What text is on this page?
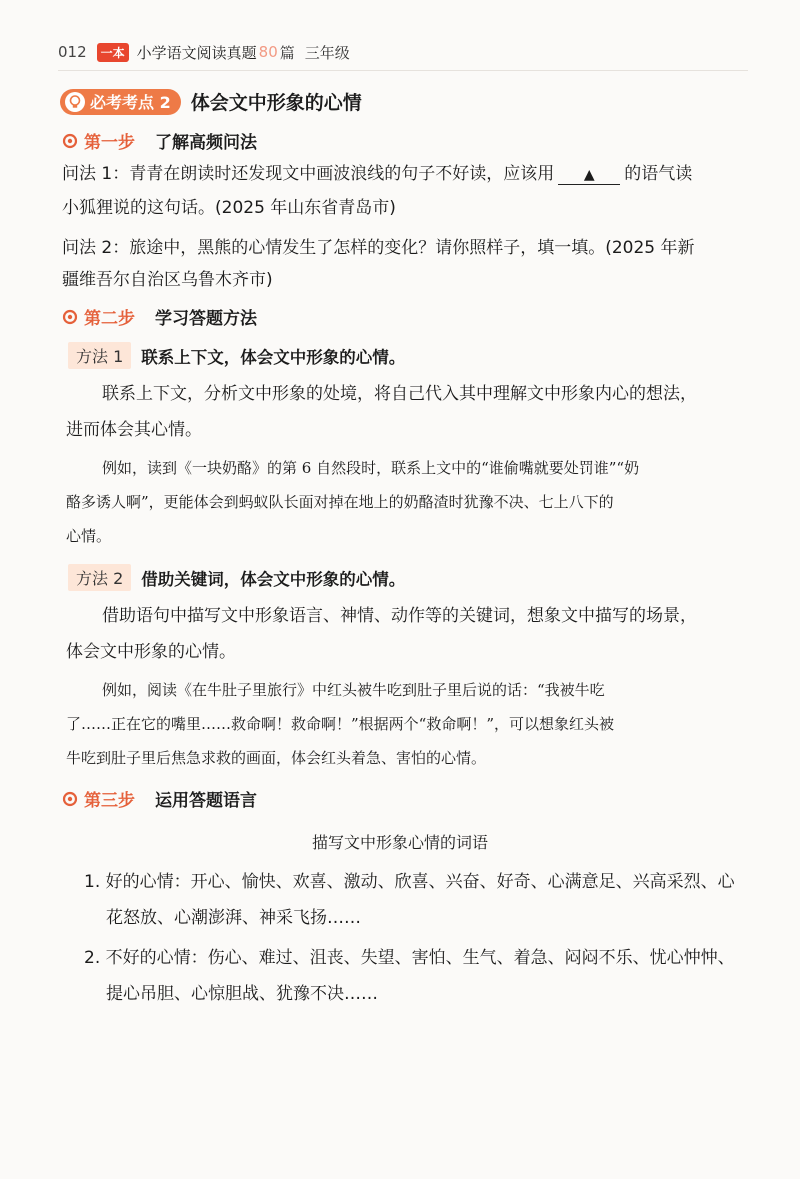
012	一本 小学语文阅读真题 80 篇 三年级
必考考点 2 体会文中形象的心情
第一步 了解高频问法
问法 1：青青在朗读时还发现文中画波浪线的句子不好读，应该用 ▲ 的语气读
小狐狸说的这句话。(2025 年山东省青岛市)
问法 2：旅途中，黑熊的心情发生了怎样的变化？请你照样子，填一填。(2025 年新
疆维吾尔自治区乌鲁木齐市)
第二步 学习答题方法
方法 1	联系上下文，体会文中形象的心情。
联系上下文，分析文中形象的处境，将自己代入其中理解文中形象内心的想法，
进而体会其心情。
例如，读到《一块奶酪》的第 6 自然段时，联系上文中的“谁偷嘴就要处罚谁”“奶
酪多诱人啊”，更能体会到蚂蚁队长面对掉在地上的奶酪渣时犹豫不决、七上八下的
心情。
方法 2	借助关键词，体会文中形象的心情。
借助语句中描写文中形象语言、神情、动作等的关键词，想象文中描写的场景，
体会文中形象的心情。
例如，阅读《在牛肚子里旅行》中红头被牛吃到肚子里后说的话：“我被牛吃
了……正在它的嘴里……救命啊！救命啊！”根据两个“救命啊！”，可以想象红头被
牛吃到肚子里后焦急求救的画面，体会红头着急、害怕的心情。
第三步 运用答题语言
描写文中形象心情的词语
1. 好的心情：开心、愉快、欢喜、激动、欣喜、兴奋、好奇、心满意足、兴高采烈、心
花怒放、心潮澎湃、神采飞扬……
2. 不好的心情：伤心、难过、沮丧、失望、害怕、生气、着急、闷闷不乐、忧心忡忡、
提心吊胆、心惊胆战、犹豫不决……
